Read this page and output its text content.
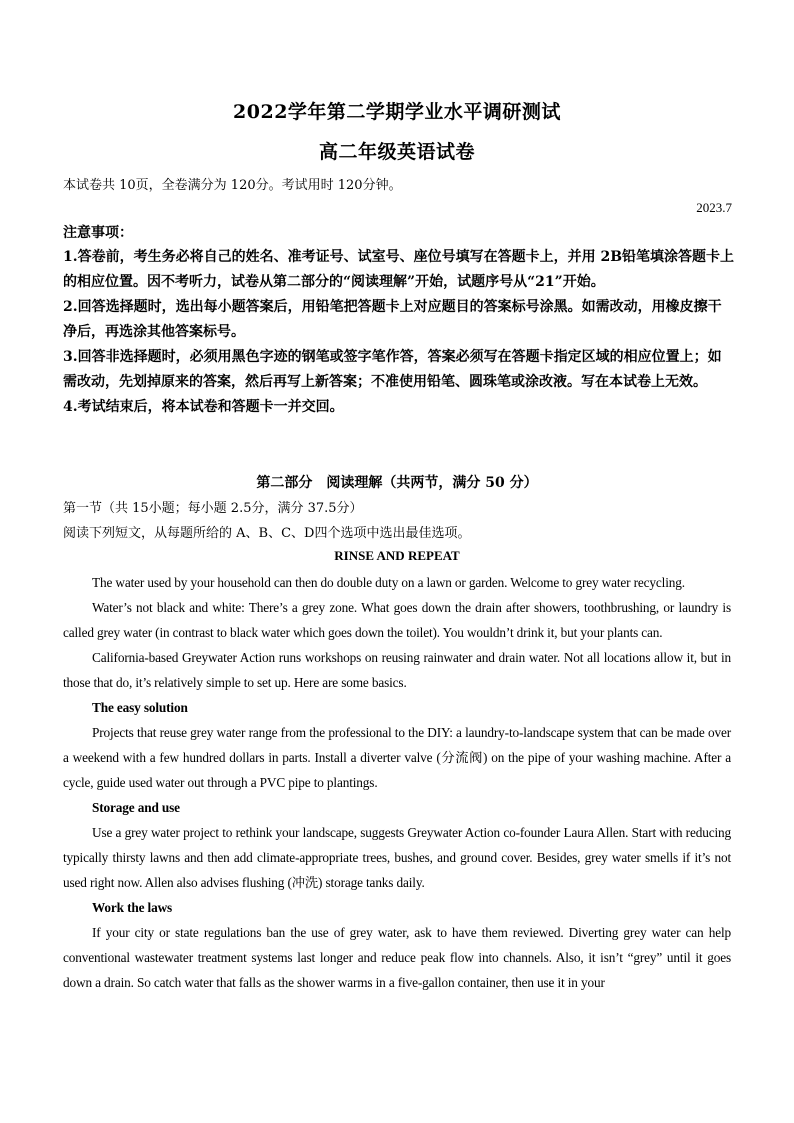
2022学年第二学期学业水平调研测试
高二年级英语试卷
本试卷共 10页，全卷满分为 120分。考试用时 120分钟。
2023.7
注意事项：

1.答卷前，考生务必将自己的姓名、准考证号、试室号、座位号填写在答题卡上，并用 2B铅笔填涂答题卡上的相应位置。因不考听力，试卷从第二部分的“阅读理解”开始，试题序号从“21”开始。

2.回答选择题时，选出每小题答案后，用铅笔把答题卡上对应题目的答案标号涂黑。如需改动，用橡皮擦干净后，再选涂其他答案标号。

3.回答非选择题时，必须用黑色字迹的钢笔或签字笔作答，答案必须写在答题卡指定区域的相应位置上；如需改动，先划掉原来的答案，然后再写上新答案；不准使用铅笔、圆珠笔或涂改液。写在本试卷上无效。

4.考试结束后，将本试卷和答题卡一并交回。

第二部分　阅读理解（共两节，满分 50 分）
第一节（共 15小题；每小题 2.5分，满分 37.5分）
阅读下列短文，从每题所给的 A、B、C、D四个选项中选出最佳选项。
RINSE AND REPEAT

The water used by your household can then do double duty on a lawn or garden. Welcome to grey water recycling.

Water’s not black and white: There’s a grey zone. What goes down the drain after showers, toothbrushing, or laundry is called grey water (in contrast to black water which goes down the toilet). You wouldn’t drink it, but your plants can.

California-based Greywater Action runs workshops on reusing rainwater and drain water. Not all locations allow it, but in those that do, it’s relatively simple to set up. Here are some basics.

The easy solution

Projects that reuse grey water range from the professional to the DIY: a laundry-to-landscape system that can be made over a weekend with a few hundred dollars in parts. Install a diverter valve (分流阀) on the pipe of your washing machine. After a cycle, guide used water out through a PVC pipe to plantings.

Storage and use

Use a grey water project to rethink your landscape, suggests Greywater Action co-founder Laura Allen. Start with reducing typically thirsty lawns and then add climate-appropriate trees, bushes, and ground cover. Besides, grey water smells if it’s not used right now. Allen also advises flushing (冲洗) storage tanks daily.

Work the laws

If your city or state regulations ban the use of grey water, ask to have them reviewed. Diverting grey water can help conventional wastewater treatment systems last longer and reduce peak flow into channels. Also, it isn’t “grey” until it goes down a drain. So catch water that falls as the shower warms in a five-gallon container, then use it in your
